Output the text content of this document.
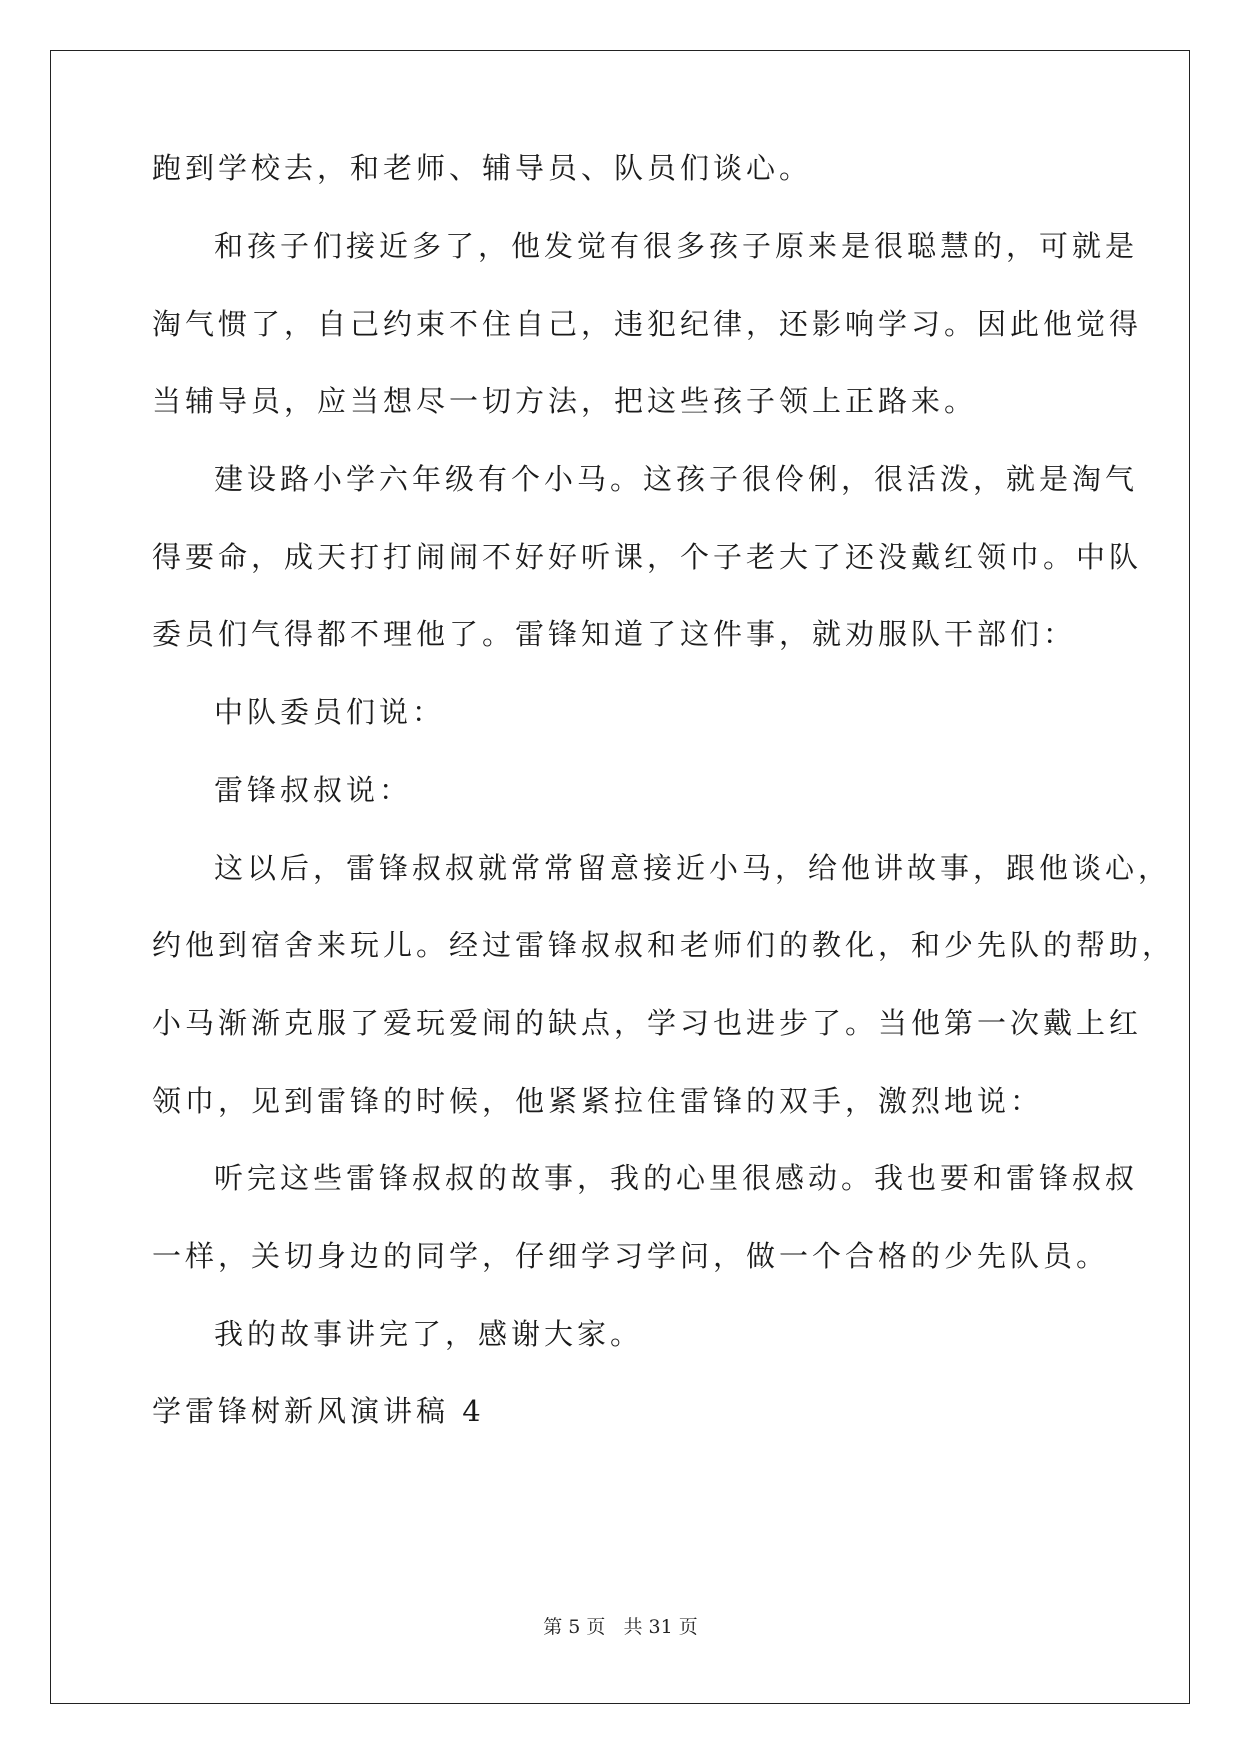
跑到学校去，和老师、辅导员、队员们谈心。
和孩子们接近多了，他发觉有很多孩子原来是很聪慧的，可就是
淘气惯了，自己约束不住自己，违犯纪律，还影响学习。因此他觉得
当辅导员，应当想尽一切方法，把这些孩子领上正路来。
建设路小学六年级有个小马。这孩子很伶俐，很活泼，就是淘气
得要命，成天打打闹闹不好好听课，个子老大了还没戴红领巾。中队
委员们气得都不理他了。雷锋知道了这件事，就劝服队干部们：
中队委员们说：
雷锋叔叔说：
这以后，雷锋叔叔就常常留意接近小马，给他讲故事，跟他谈心，
约他到宿舍来玩儿。经过雷锋叔叔和老师们的教化，和少先队的帮助，
小马渐渐克服了爱玩爱闹的缺点，学习也进步了。当他第一次戴上红
领巾，见到雷锋的时候，他紧紧拉住雷锋的双手，激烈地说：
听完这些雷锋叔叔的故事，我的心里很感动。我也要和雷锋叔叔
一样，关切身边的同学，仔细学习学问，做一个合格的少先队员。
我的故事讲完了，感谢大家。
学雷锋树新风演讲稿 4
第 5 页 共 31 页
